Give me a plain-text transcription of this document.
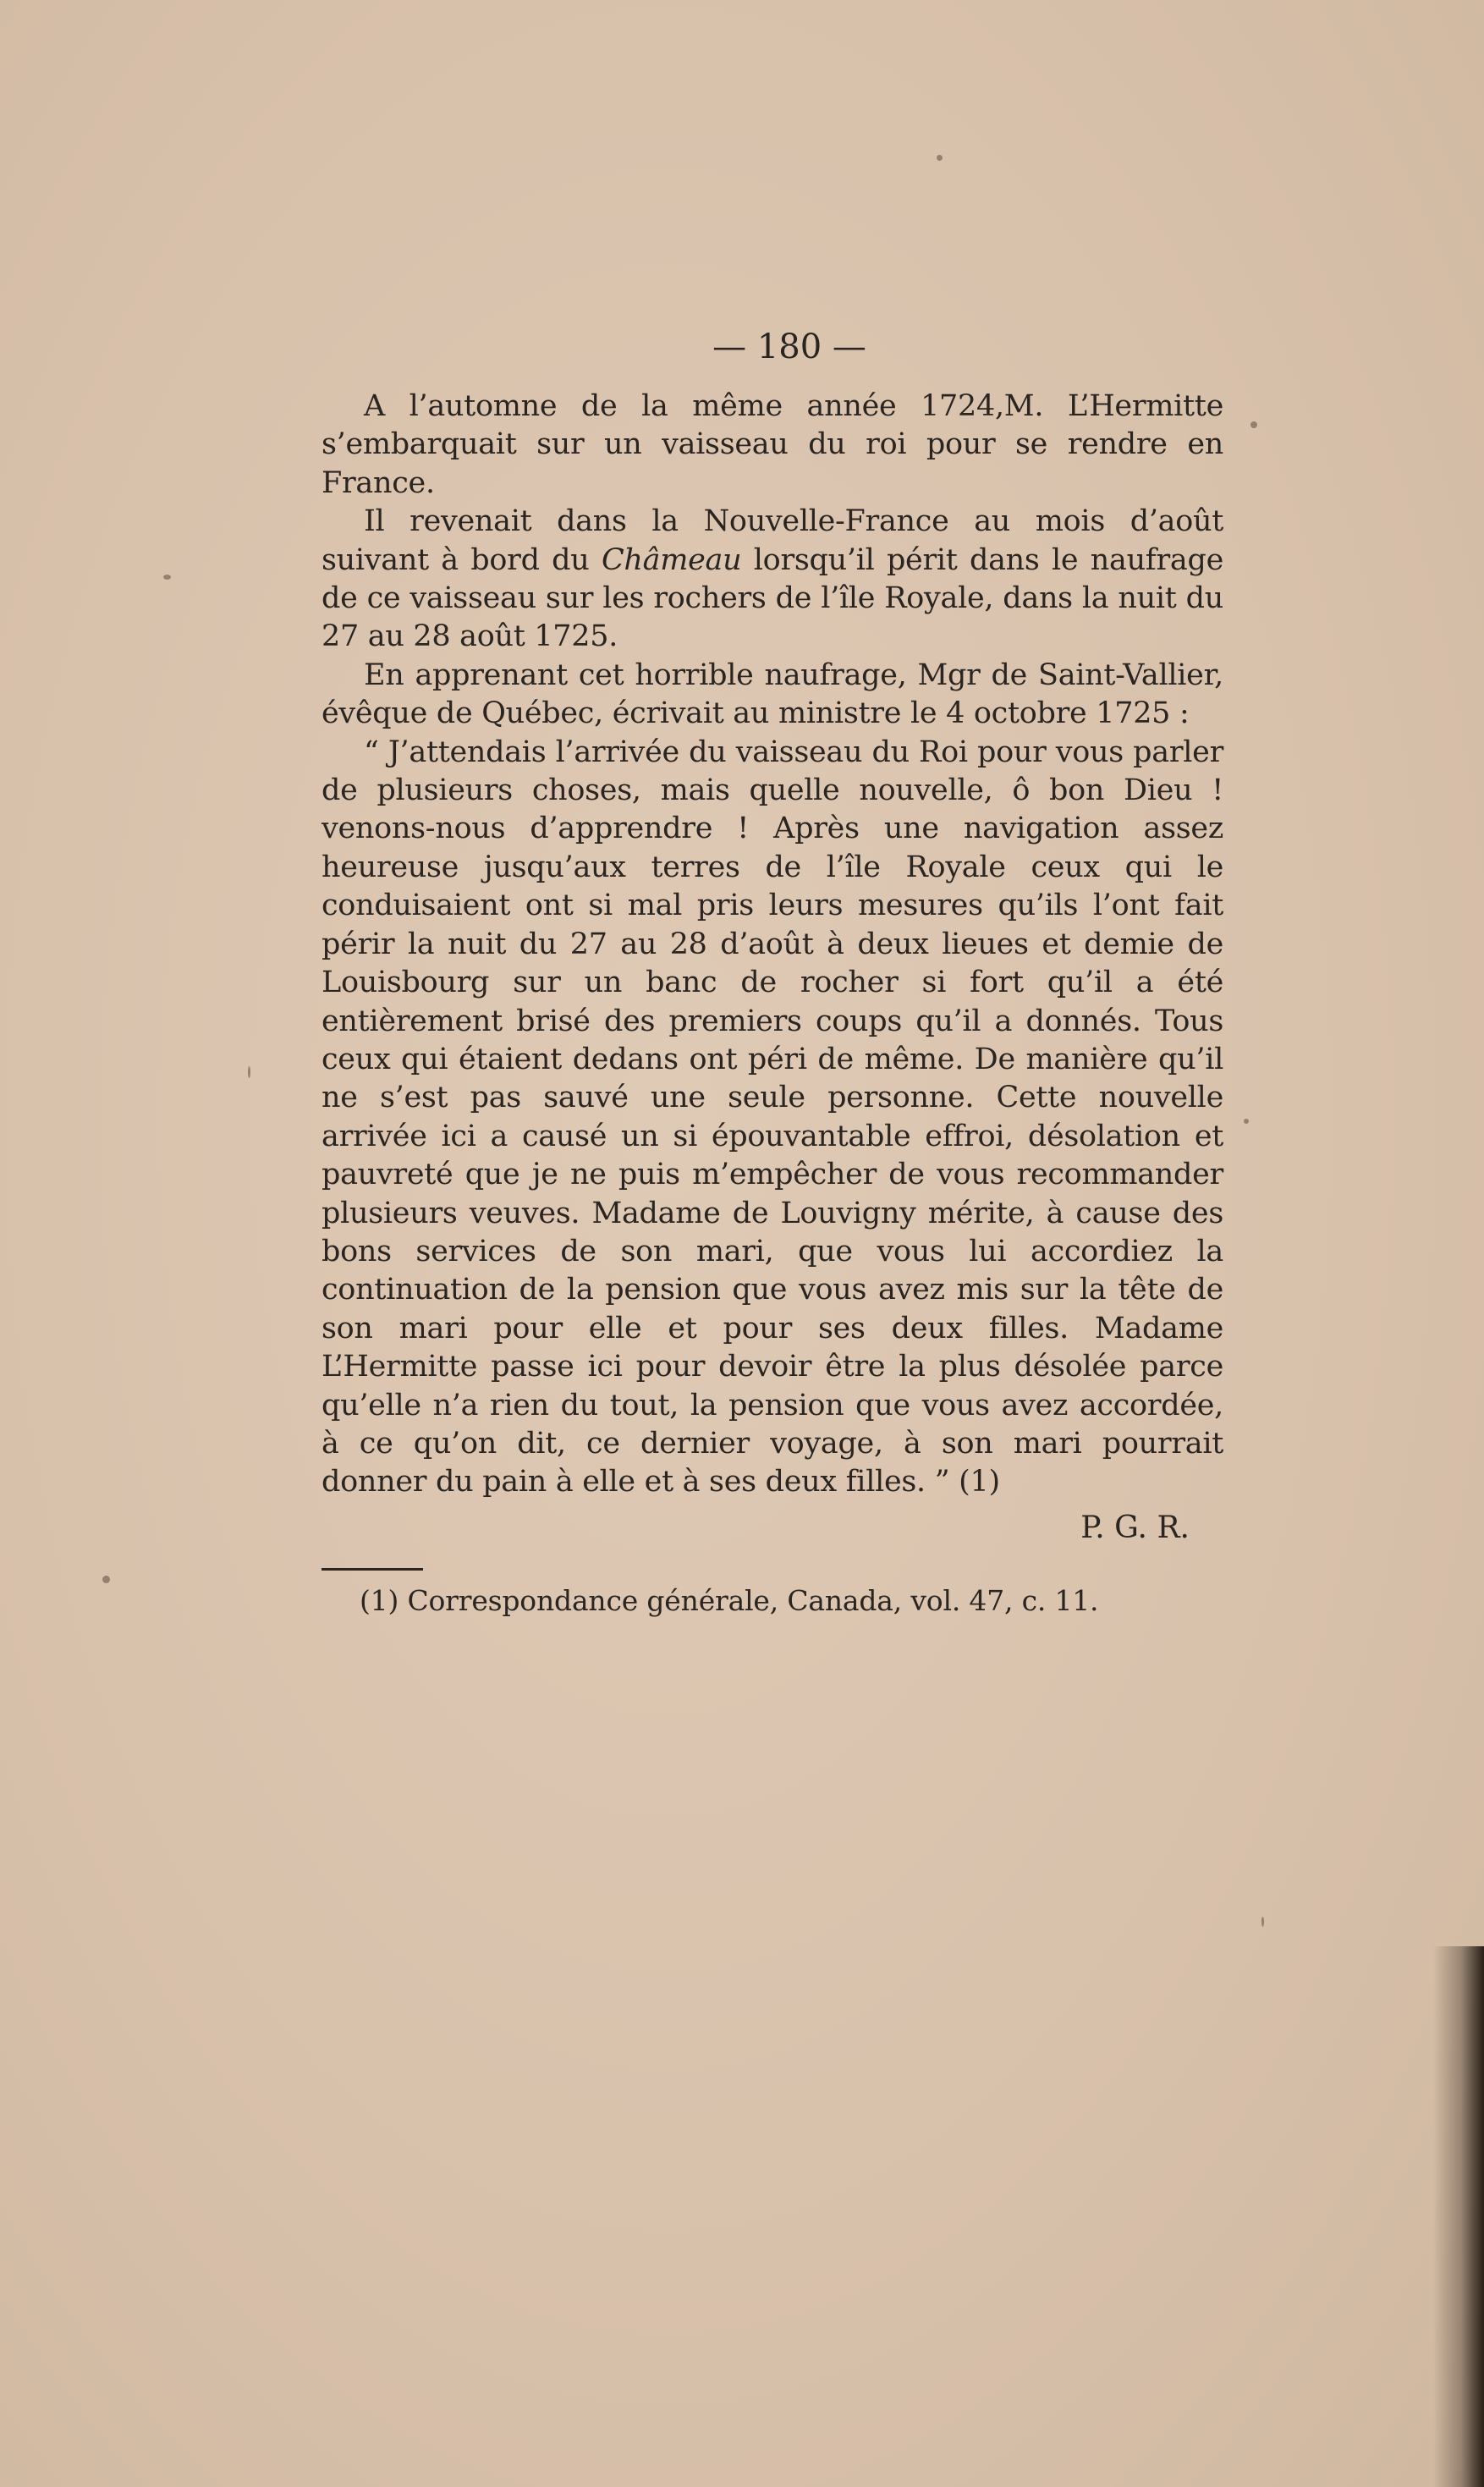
— 180 —

A l’automne de la même année 1724,M. L’Hermitte s’embarquait sur un vaisseau du roi pour se rendre en France.

Il revenait dans la Nouvelle-France au mois d’août suivant à bord du Châmeau lorsqu’il périt dans le naufrage de ce vaisseau sur les rochers de l’île Royale, dans la nuit du 27 au 28 août 1725.

En apprenant cet horrible naufrage, Mgr de Saint-Vallier, évêque de Québec, écrivait au ministre le 4 octobre 1725 :

“ J’attendais l’arrivée du vaisseau du Roi pour vous parler de plusieurs choses, mais quelle nouvelle, ô bon Dieu ! venons-nous d’apprendre ! Après une navigation assez heureuse jusqu’aux terres de l’île Royale ceux qui le conduisaient ont si mal pris leurs mesures qu’ils l’ont fait périr la nuit du 27 au 28 d’août à deux lieues et demie de Louisbourg sur un banc de rocher si fort qu’il a été entièrement brisé des premiers coups qu’il a donnés. Tous ceux qui étaient dedans ont péri de même. De manière qu’il ne s’est pas sauvé une seule personne. Cette nouvelle arrivée ici a causé un si épouvantable effroi, désolation et pauvreté que je ne puis m’empêcher de vous recommander plusieurs veuves. Madame de Louvigny mérite, à cause des bons services de son mari, que vous lui accordiez la continuation de la pension que vous avez mis sur la tête de son mari pour elle et pour ses deux filles. Madame L’Hermitte passe ici pour devoir être la plus désolée parce qu’elle n’a rien du tout, la pension que vous avez accordée, à ce qu’on dit, ce dernier voyage, à son mari pourrait donner du pain à elle et à ses deux filles. ” (1)

P. G. R.

(1) Correspondance générale, Canada, vol. 47, c. 11.
